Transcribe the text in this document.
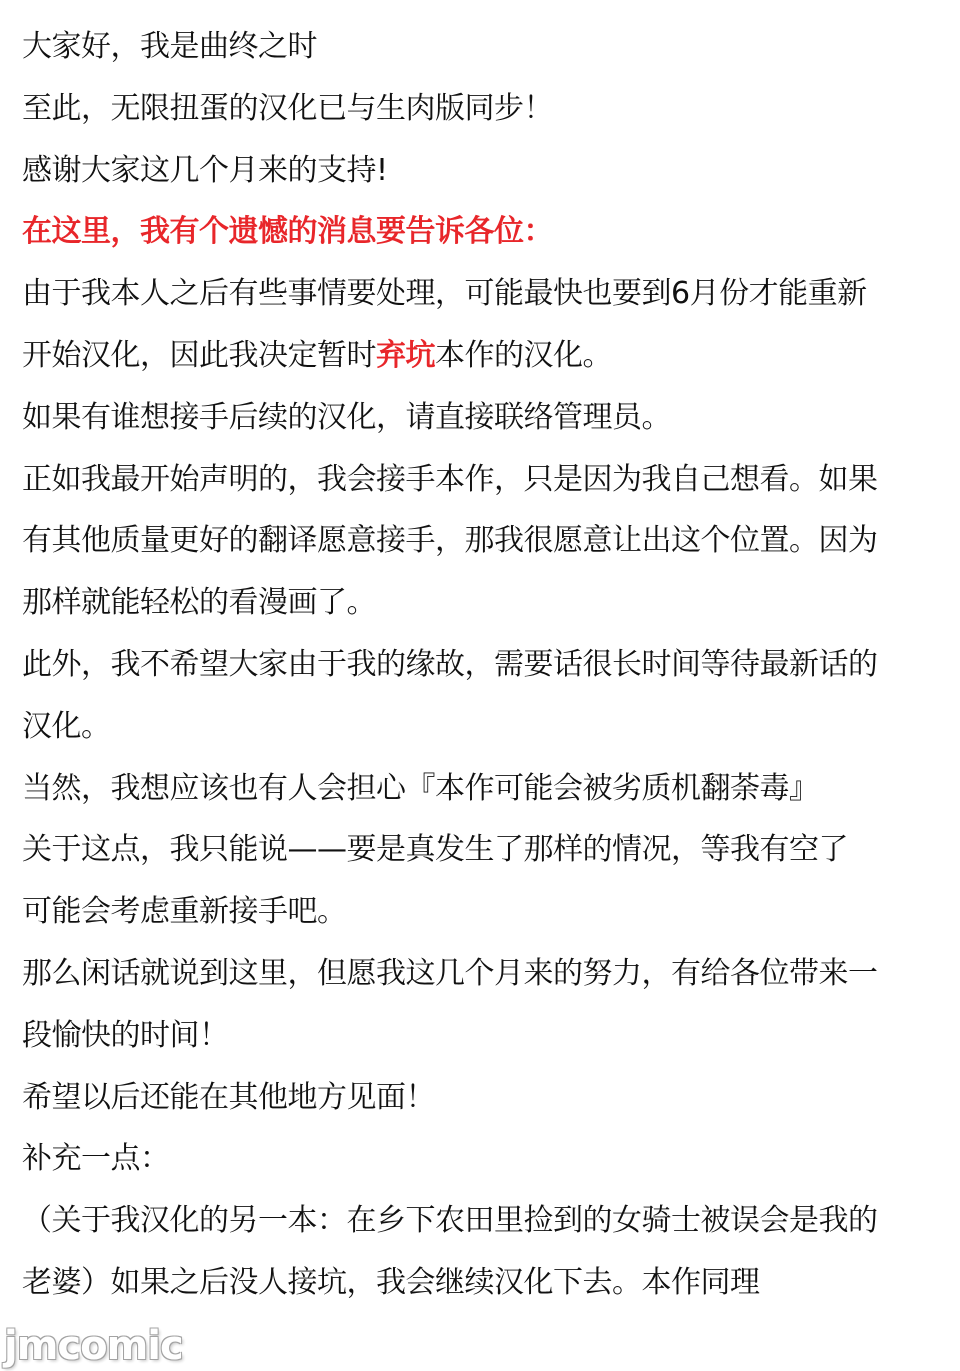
大家好，我是曲终之时
至此，无限扭蛋的汉化已与生肉版同步！
感谢大家这几个月来的支持!
在这里，我有个遗憾的消息要告诉各位：
由于我本人之后有些事情要处理，可能最快也要到6月份才能重新
开始汉化，因此我决定暂时弃坑本作的汉化。
如果有谁想接手后续的汉化，请直接联络管理员。
正如我最开始声明的，我会接手本作，只是因为我自己想看。如果
有其他质量更好的翻译愿意接手，那我很愿意让出这个位置。因为
那样就能轻松的看漫画了。
此外，我不希望大家由于我的缘故，需要话很长时间等待最新话的
汉化。
当然，我想应该也有人会担心『本作可能会被劣质机翻荼毒』
关于这点，我只能说——要是真发生了那样的情况，等我有空了
可能会考虑重新接手吧。
那么闲话就说到这里，但愿我这几个月来的努力，有给各位带来一
段愉快的时间！
希望以后还能在其他地方见面！
补充一点：
（关于我汉化的另一本：在乡下农田里捡到的女骑士被误会是我的
老婆）如果之后没人接坑，我会继续汉化下去。本作同理
jmcomic
